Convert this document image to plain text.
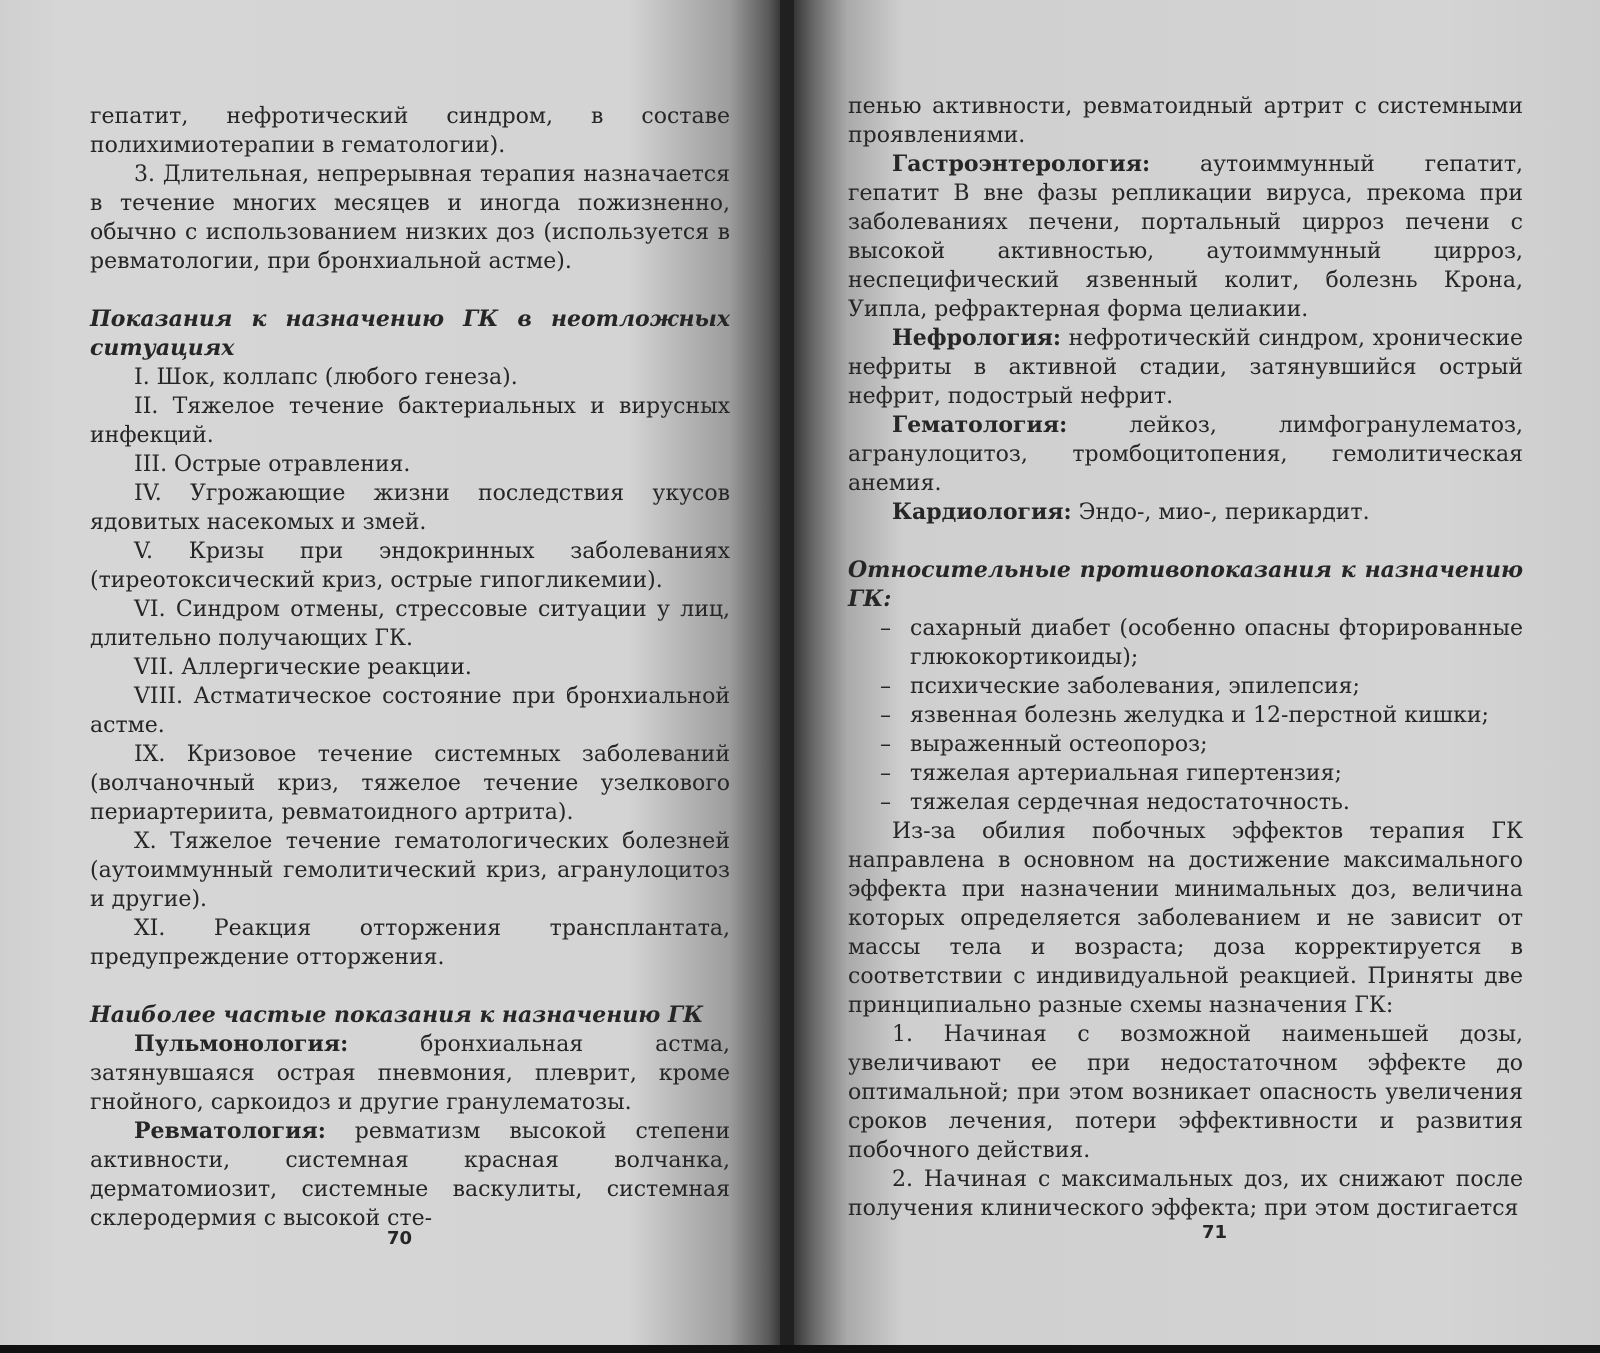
гепатит, нефротический синдром, в составе полихимиотерапии в гематологии).

3. Длительная, непрерывная терапия назначается в течение многих месяцев и иногда пожизненно, обычно с использованием низких доз (используется в ревматологии, при бронхиальной астме).

Показания к назначению ГК в неотложных ситуациях

I. Шок, коллапс (любого генеза).

II. Тяжелое течение бактериальных и вирусных инфекций.

III. Острые отравления.

IV. Угрожающие жизни последствия укусов ядовитых насекомых и змей.

V. Кризы при эндокринных заболеваниях (тиреотоксический криз, острые гипогликемии).

VI. Синдром отмены, стрессовые ситуации у лиц, длительно получающих ГК.

VII. Аллергические реакции.

VIII. Астматическое состояние при бронхиальной астме.

IX. Кризовое течение системных заболеваний (волчаночный криз, тяжелое течение узелкового периартериита, ревматоидного артрита).

X. Тяжелое течение гематологических болезней (аутоиммунный гемолитический криз, агранулоцитоз и другие).

XI. Реакция отторжения трансплантата, предупреждение отторжения.

Наиболее частые показания к назначению ГК

Пульмонология: бронхиальная астма, затянувшаяся острая пневмония, плеврит, кроме гнойного, саркоидоз и другие гранулематозы.

Ревматология: ревматизм высокой степени активности, системная красная волчанка, дерматомиозит, системные васкулиты, системная склеродермия с высокой сте-

70

пенью активности, ревматоидный артрит с системными проявлениями.

Гастроэнтерология: аутоиммунный гепатит, гепатит В вне фазы репликации вируса, прекома при заболеваниях печени, портальный цирроз печени с высокой активностью, аутоиммунный цирроз, неспецифический язвенный колит, болезнь Крона, Уипла, рефрактерная форма целиакии.

Нефрология: нефротическйй синдром, хронические нефриты в активной стадии, затянувшийся острый нефрит, подострый нефрит.

Гематология: лейкоз, лимфогранулематоз, агранулоцитоз, тромбоцитопения, гемолитическая анемия.

Кардиология: Эндо-, мио-, перикардит.

Относительные противопоказания к назначению ГК:

– сахарный диабет (особенно опасны фторированные глюкокортикоиды);

– психические заболевания, эпилепсия;

– язвенная болезнь желудка и 12-перстной кишки;

– выраженный остеопороз;

– тяжелая артериальная гипертензия;

– тяжелая сердечная недостаточность.

Из-за обилия побочных эффектов терапия ГК направлена в основном на достижение максимального эффекта при назначении минимальных доз, величина которых определяется заболеванием и не зависит от массы тела и возраста; доза корректируется в соответствии с индивидуальной реакцией. Приняты две принципиально разные схемы назначения ГК:

1. Начиная с возможной наименьшей дозы, увеличивают ее при недостаточном эффекте до оптимальной; при этом возникает опасность увеличения сроков лечения, потери эффективности и развития побочного действия.

2. Начиная с максимальных доз, их снижают после получения клинического эффекта; при этом достигается

71
